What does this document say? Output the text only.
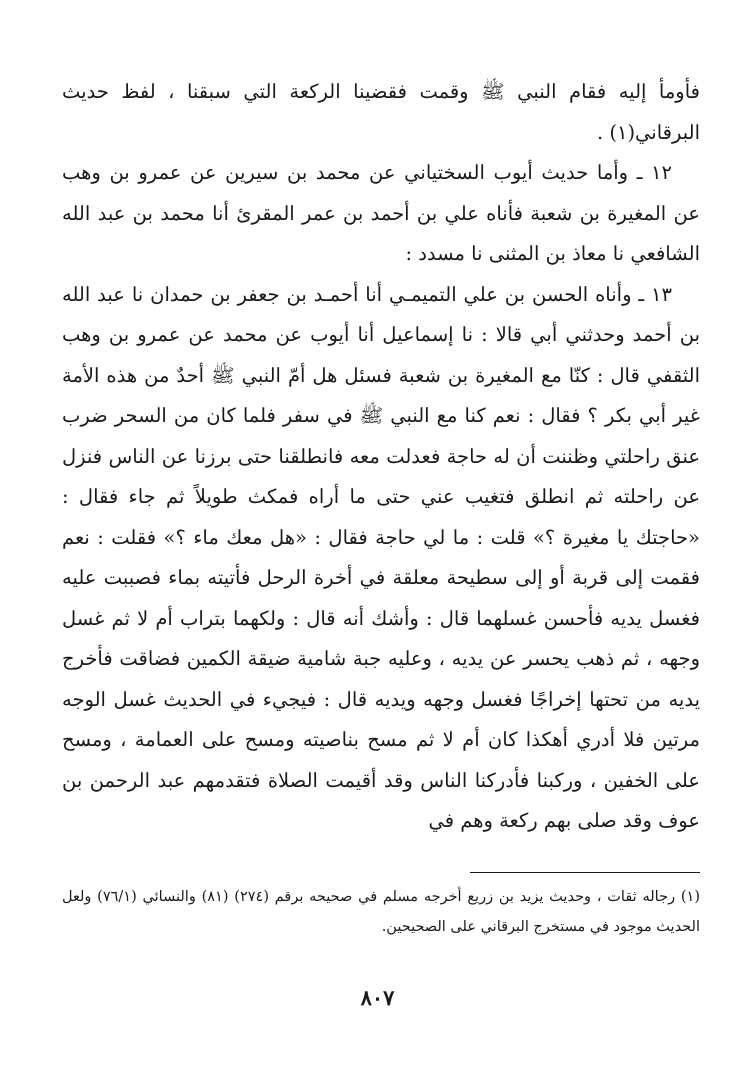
فأومأ إليه فقام النبي ﷺ وقمت فقضينا الركعة التي سبقنا ، لفظ حديث البرقاني(١) .

١٢ ـ وأما حديث أيوب السختياني عن محمد بن سيرين عن عمرو بن وهب عن المغيرة بن شعبة فأناه علي بن أحمد بن عمر المقرئ أنا محمد بن عبد الله الشافعي نا معاذ بن المثنى نا مسدد :

١٣ ـ وأناه الحسن بن علي التميمـي أنا أحمـد بن جعفر بن حمدان نا عبد الله بن أحمد وحدثني أبي قالا : نا إسماعيل أنا أيوب عن محمد عن عمرو بن وهب الثقفي قال : كنّا مع المغيرة بن شعبة فسئل هل أمّ النبي ﷺ أحدٌ من هذه الأمة غير أبي بكر ؟ فقال : نعم كنا مع النبي ﷺ في سفر فلما كان من السحر ضرب عنق راحلتي وظننت أن له حاجة فعدلت معه فانطلقنا حتى برزنا عن الناس فنزل عن راحلته ثم انطلق فتغيب عني حتى ما أراه فمكث طويلاً ثم جاء فقال : «حاجتك يا مغيرة ؟» قلت : ما لي حاجة فقال : «هل معك ماء ؟» فقلت : نعم فقمت إلى قربة أو إلى سطيحة معلقة في أخرة الرحل فأتيته بماء فصببت عليه فغسل يديه فأحسن غسلهما قال : وأشك أنه قال : ولكهما بتراب أم لا ثم غسل وجهه ، ثم ذهب يحسر عن يديه ، وعليه جبة شامية ضيقة الكمين فضاقت فأخرج يديه من تحتها إخراجًا فغسل وجهه ويديه قال : فيجيء في الحديث غسل الوجه مرتين فلا أدري أهكذا كان أم لا ثم مسح بناصيته ومسح على العمامة ، ومسح على الخفين ، وركبنا فأدركنا الناس وقد أقيمت الصلاة فتقدمهم عبد الرحمن بن عوف وقد صلى بهم ركعة وهم في

(١) رجاله ثقات ، وحديث يزيد بن زريع أخرجه مسلم في صحيحه برقم (٢٧٤) (٨١) والنسائي (٧٦/١) ولعل الحديث موجود في مستخرج البرقاني على الصحيحين.

٨٠٧
